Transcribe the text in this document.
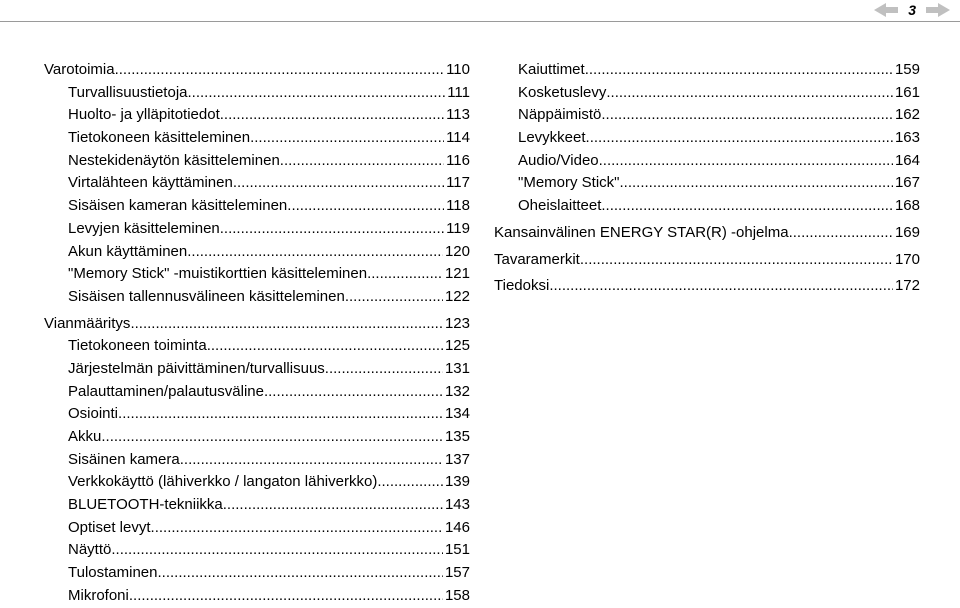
3
Varotoimia .....	110
Turvallisuustietoja .....	111
Huolto- ja ylläpitotiedot .....	113
Tietokoneen käsitteleminen .....	114
Nestekidenäytön käsitteleminen .....	116
Virtalähteen käyttäminen .....	117
Sisäisen kameran käsitteleminen .....	118
Levyjen käsitteleminen .....	119
Akun käyttäminen .....	120
"Memory Stick" -muistikorttien käsitteleminen .....	121
Sisäisen tallennusvälineen käsitteleminen .....	122
Vianmääritys .....	123
Tietokoneen toiminta .....	125
Järjestelmän päivittäminen/turvallisuus .....	131
Palauttaminen/palautusväline .....	132
Osiointi .....	134
Akku .....	135
Sisäinen kamera .....	137
Verkkokäyttö (lähiverkko / langaton lähiverkko) .....	139
BLUETOOTH-tekniikka .....	143
Optiset levyt .....	146
Näyttö .....	151
Tulostaminen .....	157
Mikrofoni .....	158
Kaiuttimet .....	159
Kosketuslevy .....	161
Näppäimistö .....	162
Levykkeet .....	163
Audio/Video .....	164
"Memory Stick" .....	167
Oheislaitteet .....	168
Kansainvälinen ENERGY STAR(R) -ohjelma .....	169
Tavaramerkit .....	170
Tiedoksi .....	172
